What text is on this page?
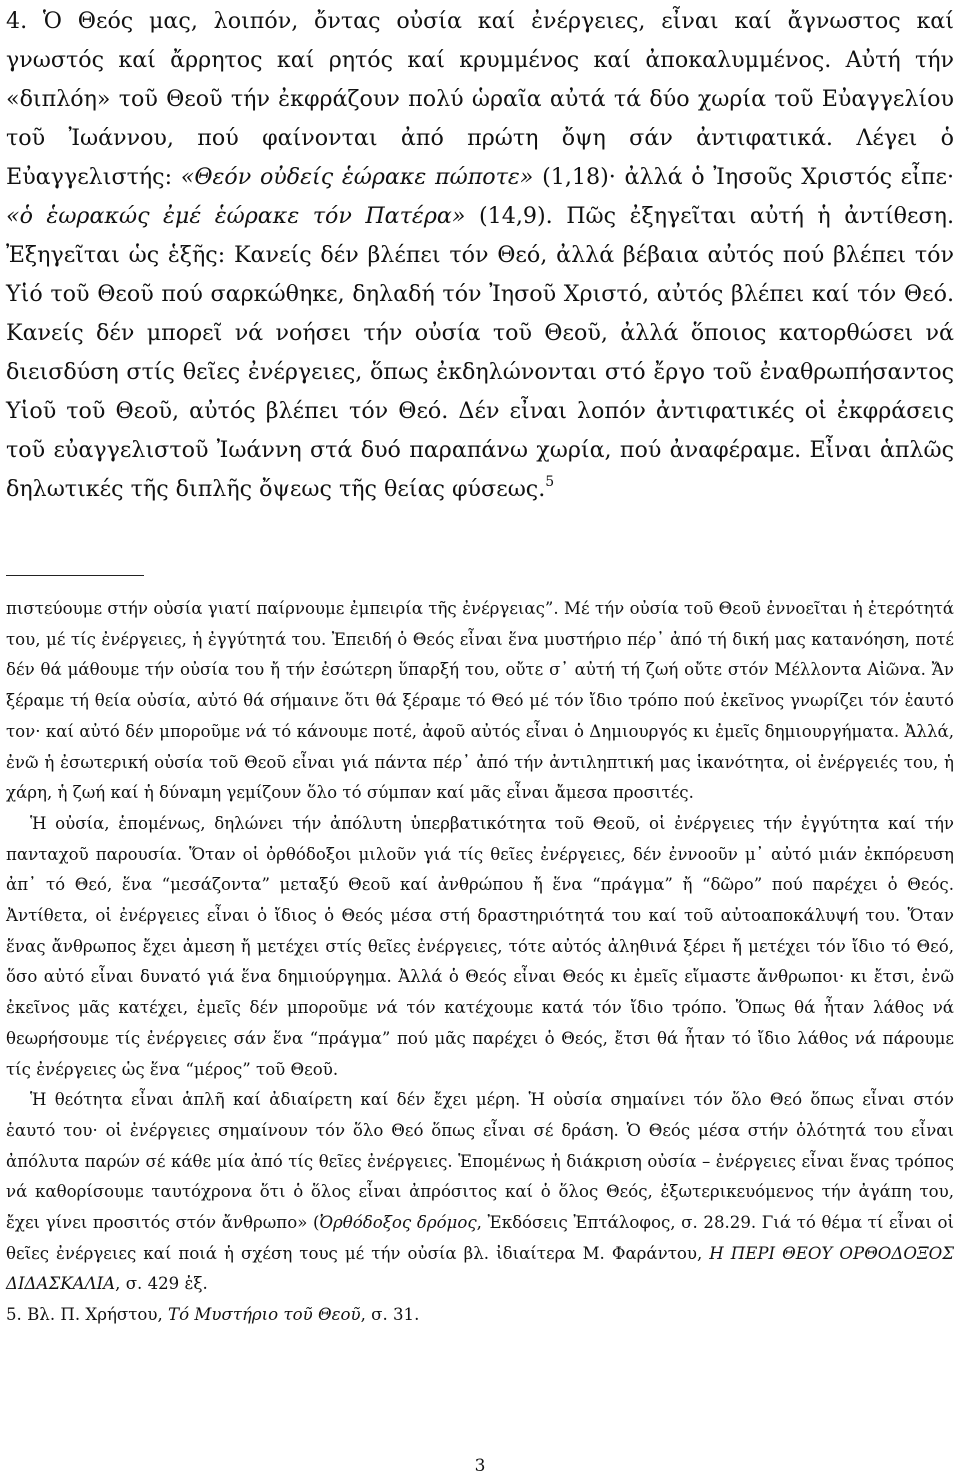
4. Ὁ Θεός μας, λοιπόν, ὄντας οὐσία καί ἐνέργειες, εἶναι καί ἄγνωστος καί γνωστός καί ἄρρητος καί ρητός καί κρυμμένος καί ἀποκαλυμμένος. Αὐτή τήν «διπλόη» τοῦ Θεοῦ τήν ἐκφράζουν πολύ ὡραῖα αὐτά τά δύο χωρία τοῦ Εὐαγγελίου τοῦ Ἰωάννου, πού φαίνονται ἀπό πρώτη ὄψη σάν ἀντιφατικά. Λέγει ὁ Εὐαγγελιστής: «Θεόν οὐδείς ἑώρακε πώποτε» (1,18)· ἀλλά ὁ Ἰησοῦς Χριστός εἶπε· «ὁ ἑωρακώς ἐμέ ἑώρακε τόν Πατέρα» (14,9). Πῶς ἐξηγεῖται αὐτή ἡ ἀντίθεση. Ἐξηγεῖται ὡς ἑξῆς: Κανείς δέν βλέπει τόν Θεό, ἀλλά βέβαια αὐτός πού βλέπει τόν Υἱό τοῦ Θεοῦ πού σαρκώθηκε, δηλαδή τόν Ἰησοῦ Χριστό, αὐτός βλέπει καί τόν Θεό. Κανείς δέν μπορεῖ νά νοήσει τήν οὐσία τοῦ Θεοῦ, ἀλλά ὅποιος κατορθώσει νά διεισδύση στίς θεῖες ἐνέργειες, ὅπως ἐκδηλώνονται στό ἔργο τοῦ ἐναθρωπήσαντος Υἱοῦ τοῦ Θεοῦ, αὐτός βλέπει τόν Θεό. Δέν εἶναι λοπόν ἀντιφατικές οἱ ἐκφράσεις τοῦ εὐαγγελιστοῦ Ἰωάννη στά δυό παραπάνω χωρία, πού ἀναφέραμε. Εἶναι ἁπλῶς δηλωτικές τῆς διπλῆς ὄψεως τῆς θείας φύσεως.$^5$

πιστεύουμε στήν οὐσία γιατί παίρνουμε ἐμπειρία τῆς ἐνέργειας”. Μέ τήν οὐσία τοῦ Θεοῦ ἐννοεῖται ἡ ἑτερότητά του, μέ τίς ἐνέργειες, ἡ ἐγγύτητά του. Ἐπειδή ὁ Θεός εἶναι ἕνα μυστήριο πέρ᾽ ἀπό τή δική μας κατανόηση, ποτέ δέν θά μάθουμε τήν οὐσία του ἤ τήν ἐσώτερη ὕπαρξή του, οὔτε σ᾽ αὐτή τή ζωή οὔτε στόν Μέλλοντα Αἰῶνα. Ἄν ξέραμε τή θεία οὐσία, αὐτό θά σήμαινε ὅτι θά ξέραμε τό Θεό μέ τόν ἴδιο τρόπο πού ἐκεῖνος γνωρίζει τόν ἑαυτό τον· καί αὐτό δέν μποροῦμε νά τό κάνουμε ποτέ, ἀφοῦ αὐτός εἶναι ὁ Δημιουργός κι ἐμεῖς δημιουργήματα. Ἀλλά, ἐνῶ ἡ ἐσωτερική οὐσία τοῦ Θεοῦ εἶναι γιά πάντα πέρ᾽ ἀπό τήν ἀντιληπτική μας ἱκανότητα, οἱ ἐνέργειές του, ἡ χάρη, ἡ ζωή καί ἡ δύναμη γεμίζουν ὅλο τό σύμπαν καί μᾶς εἶναι ἄμεσα προσιτές.

Ἡ οὐσία, ἑπομένως, δηλώνει τήν ἀπόλυτη ὑπερβατικότητα τοῦ Θεοῦ, οἱ ἐνέργειες τήν ἐγγύτητα καί τήν πανταχοῦ παρουσία. Ὅταν οἱ ὀρθόδοξοι μιλοῦν γιά τίς θεῖες ἐνέργειες, δέν ἐννοοῦν μ᾽ αὐτό μιάν ἐκπόρευση ἀπ᾽ τό Θεό, ἕνα “μεσάζοντα” μεταξύ Θεοῦ καί ἀνθρώπου ἤ ἕνα “πράγμα” ἤ “δῶρο” πού παρέχει ὁ Θεός. Ἀντίθετα, οἱ ἐνέργειες εἶναι ὁ ἴδιος ὁ Θεός μέσα στή δραστηριότητά του καί τοῦ αὐτοαποκάλυψή του. Ὅταν ἕνας ἄνθρωπος ἔχει ἀμεση ἤ μετέχει στίς θεῖες ἐνέργειες, τότε αὐτός ἀληθινά ξέρει ἤ μετέχει τόν ἴδιο τό Θεό, ὅσο αὐτό εἶναι δυνατό γιά ἕνα δημιούργημα. Ἀλλά ὁ Θεός εἶναι Θεός κι ἐμεῖς εἴμαστε ἄνθρωποι· κι ἔτσι, ἐνῶ ἐκεῖνος μᾶς κατέχει, ἐμεῖς δέν μποροῦμε νά τόν κατέχουμε κατά τόν ἴδιο τρόπο. Ὅπως θά ἦταν λάθος νά θεωρήσουμε τίς ἐνέργειες σάν ἕνα “πράγμα” πού μᾶς παρέχει ὁ Θεός, ἔτσι θά ἦταν τό ἴδιο λάθος νά πάρουμε τίς ἐνέργειες ὡς ἕνα “μέρος” τοῦ Θεοῦ.

Ἡ θεότητα εἶναι ἁπλῆ καί ἀδιαίρετη καί δέν ἔχει μέρη. Ἡ οὐσία σημαίνει τόν ὅλο Θεό ὅπως εἶναι στόν ἑαυτό του· οἱ ἐνέργειες σημαίνουν τόν ὅλο Θεό ὅπως εἶναι σέ δράση. Ὁ Θεός μέσα στήν ὁλότητά του εἶναι ἀπόλυτα παρών σέ κάθε μία ἀπό τίς θεῖες ἐνέργειες. Ἑπομένως ἡ διάκριση οὐσία – ἐνέργειες εἶναι ἕνας τρόπος νά καθορίσουμε ταυτόχρονα ὅτι ὁ ὅλος εἶναι ἀπρόσιτος καί ὁ ὅλος Θεός, ἐξωτερικευόμενος τήν ἀγάπη του, ἔχει γίνει προσιτός στόν ἄνθρωπο» (Ὀρθόδοξος δρόμος, Ἐκδόσεις Ἐπτάλοφος, σ. 28.29. Γιά τό θέμα τί εἶναι οἱ θεῖες ἐνέργειες καί ποιά ἡ σχέση τους μέ τήν οὐσία βλ. ἰδιαίτερα Μ. Φαράντου, Η ΠΕΡΙ ΘΕΟΥ ΟΡΘΟΔΟΞΟΣ ΔΙΔΑΣΚΑΛΙΑ, σ. 429 ἑξ.

5. Βλ. Π. Χρήστου, Τό Μυστήριο τοῦ Θεοῦ, σ. 31.

3
